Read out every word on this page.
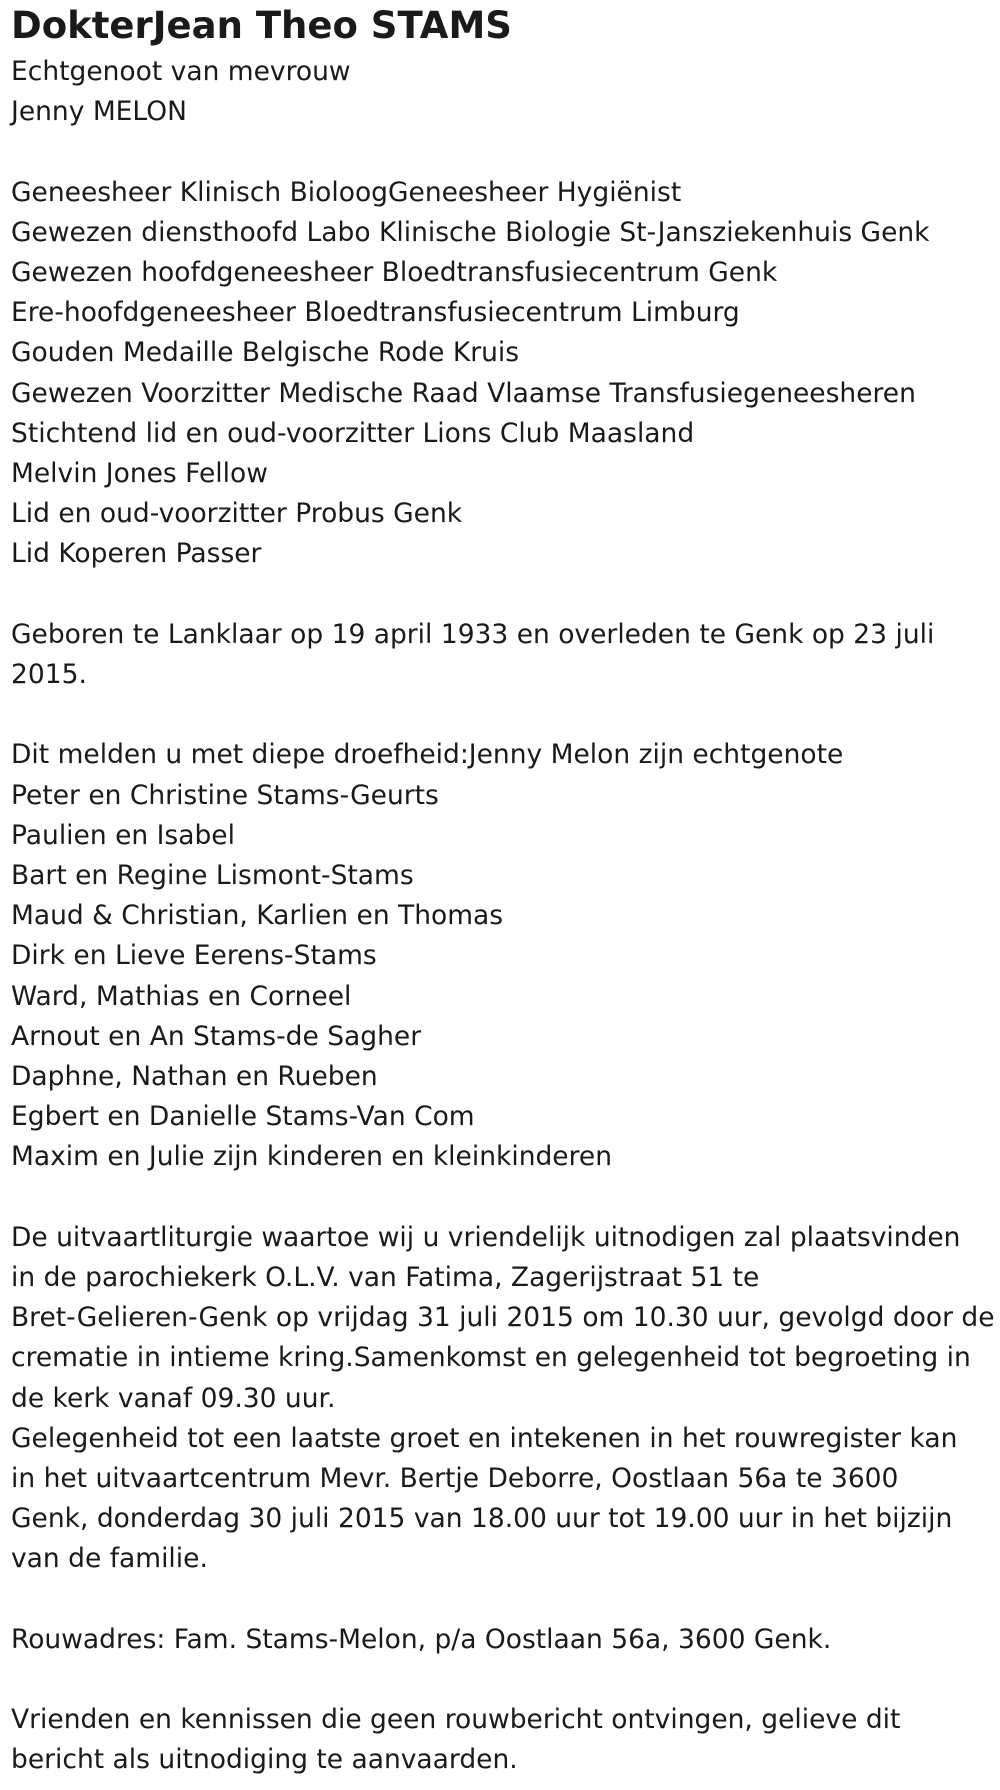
DokterJean Theo STAMS

Echtgenoot van mevrouw

Jenny MELON

Geneesheer Klinisch BioloogGeneesheer Hygiënist

Gewezen diensthoofd Labo Klinische Biologie St-Jansziekenhuis Genk

Gewezen hoofdgeneesheer Bloedtransfusiecentrum Genk

Ere-hoofdgeneesheer Bloedtransfusiecentrum Limburg

Gouden Medaille Belgische Rode Kruis

Gewezen Voorzitter Medische Raad Vlaamse Transfusiegeneesheren

Stichtend lid en oud-voorzitter Lions Club Maasland

Melvin Jones Fellow

Lid en oud-voorzitter Probus Genk

Lid Koperen Passer

Geboren te Lanklaar op 19 april 1933 en overleden te Genk op 23 juli

2015.

Dit melden u met diepe droefheid:Jenny Melon zijn echtgenote

Peter en Christine Stams-Geurts

Paulien en Isabel

Bart en Regine Lismont-Stams

Maud & Christian, Karlien en Thomas

Dirk en Lieve Eerens-Stams

Ward, Mathias en Corneel

Arnout en An Stams-de Sagher

Daphne, Nathan en Rueben

Egbert en Danielle Stams-Van Com

Maxim en Julie zijn kinderen en kleinkinderen

De uitvaartliturgie waartoe wij u vriendelijk uitnodigen zal plaatsvinden

in de parochiekerk O.L.V. van Fatima, Zagerijstraat 51 te

Bret-Gelieren-Genk op vrijdag 31 juli 2015 om 10.30 uur, gevolgd door de

crematie in intieme kring.Samenkomst en gelegenheid tot begroeting in

de kerk vanaf 09.30 uur.

Gelegenheid tot een laatste groet en intekenen in het rouwregister kan

in het uitvaartcentrum Mevr. Bertje Deborre, Oostlaan 56a te 3600

Genk, donderdag 30 juli 2015 van 18.00 uur tot 19.00 uur in het bijzijn

van de familie.

Rouwadres: Fam. Stams-Melon, p/a Oostlaan 56a, 3600 Genk.

Vrienden en kennissen die geen rouwbericht ontvingen, gelieve dit

bericht als uitnodiging te aanvaarden.
